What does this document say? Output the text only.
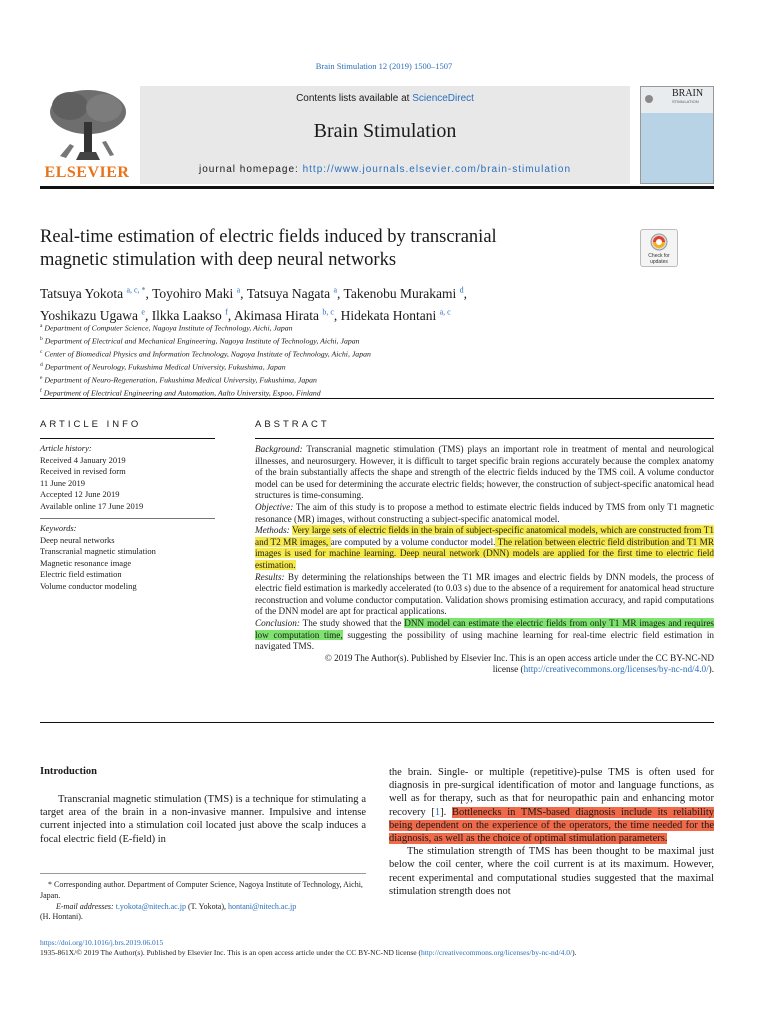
Brain Stimulation 12 (2019) 1500–1507
ELSEVIER
Contents lists available at ScienceDirect
Brain Stimulation
journal homepage: http://www.journals.elsevier.com/brain-stimulation
BRAIN
STIMULATION
Real-time estimation of electric fields induced by transcranial
magnetic stimulation with deep neural networks	Check for updates
Tatsuya Yokota $^{a, c, *}$, Toyohiro Maki $^a$, Tatsuya Nagata $^a$, Takenobu Murakami $^d$,
Yoshikazu Ugawa $^e$, Ilkka Laakso $^f$, Akimasa Hirata $^{b, c}$, Hidekata Hontani $^{a, c}$
$^a$ Department of Computer Science, Nagoya Institute of Technology, Aichi, Japan
$^b$ Department of Electrical and Mechanical Engineering, Nagoya Institute of Technology, Aichi, Japan
$^c$ Center of Biomedical Physics and Information Technology, Nagoya Institute of Technology, Aichi, Japan
$^d$ Department of Neurology, Fukushima Medical University, Fukushima, Japan
$^e$ Department of Neuro-Regeneration, Fukushima Medical University, Fukushima, Japan
$^f$ Department of Electrical Engineering and Automation, Aalto University, Espoo, Finland
ARTICLE INFO
Article history:
Received 4 January 2019
Received in revised form
11 June 2019
Accepted 12 June 2019
Available online 17 June 2019
Keywords:
Deep neural networks
Transcranial magnetic stimulation
Magnetic resonance image
Electric field estimation
Volume conductor modeling
ABSTRACT
Background: Transcranial magnetic stimulation (TMS) plays an important role in treatment of mental and neurological illnesses, and neurosurgery. However, it is difficult to target specific brain regions accurately because the complex anatomy of the brain substantially affects the shape and strength of the electric fields induced by the TMS coil. A volume conductor model can be used for determining the accurate electric fields; however, the construction of subject-specific anatomical head structures is time-consuming.
Objective: The aim of this study is to propose a method to estimate electric fields induced by TMS from only T1 magnetic resonance (MR) images, without constructing a subject-specific anatomical model.
Methods: Very large sets of electric fields in the brain of subject-specific anatomical models, which are constructed from T1 and T2 MR images, are computed by a volume conductor model. The relation between electric field distribution and T1 MR images is used for machine learning. Deep neural network (DNN) models are applied for the first time to electric field estimation.
Results: By determining the relationships between the T1 MR images and electric fields by DNN models, the process of electric field estimation is markedly accelerated (to 0.03 s) due to the absence of a requirement for anatomical head structure reconstruction and volume conductor computation. Validation shows promising estimation accuracy, and rapid computations of the DNN model are apt for practical applications.
Conclusion: The study showed that the DNN model can estimate the electric fields from only T1 MR images and requires low computation time, suggesting the possibility of using machine learning for real-time electric field estimation in navigated TMS.
© 2019 The Author(s). Published by Elsevier Inc. This is an open access article under the CC BY-NC-ND
license (http://creativecommons.org/licenses/by-nc-nd/4.0/).
Introduction
Transcranial magnetic stimulation (TMS) is a technique for stimulating a target area of the brain in a non-invasive manner. Impulsive and intense current injected into a stimulation coil located just above the scalp induces a focal electric field (E-field) in
* Corresponding author. Department of Computer Science, Nagoya Institute of Technology, Aichi, Japan.
E-mail addresses: t.yokota@nitech.ac.jp (T. Yokota), hontani@nitech.ac.jp
(H. Hontani).
the brain. Single- or multiple (repetitive)-pulse TMS is often used for diagnosis in pre-surgical identification of motor and language functions, as well as for therapy, such as that for neuropathic pain and enhancing motor recovery [1]. Bottlenecks in TMS-based diagnosis include its reliability being dependent on the experience of the operators, the time needed for the diagnosis, as well as the choice of optimal stimulation parameters.
The stimulation strength of TMS has been thought to be maximal just below the coil center, where the coil current is at its maximum. However, recent experimental and computational studies suggested that the maximal stimulation strength does not
https://doi.org/10.1016/j.brs.2019.06.015
1935-861X/© 2019 The Author(s). Published by Elsevier Inc. This is an open access article under the CC BY-NC-ND license (http://creativecommons.org/licenses/by-nc-nd/4.0/).
